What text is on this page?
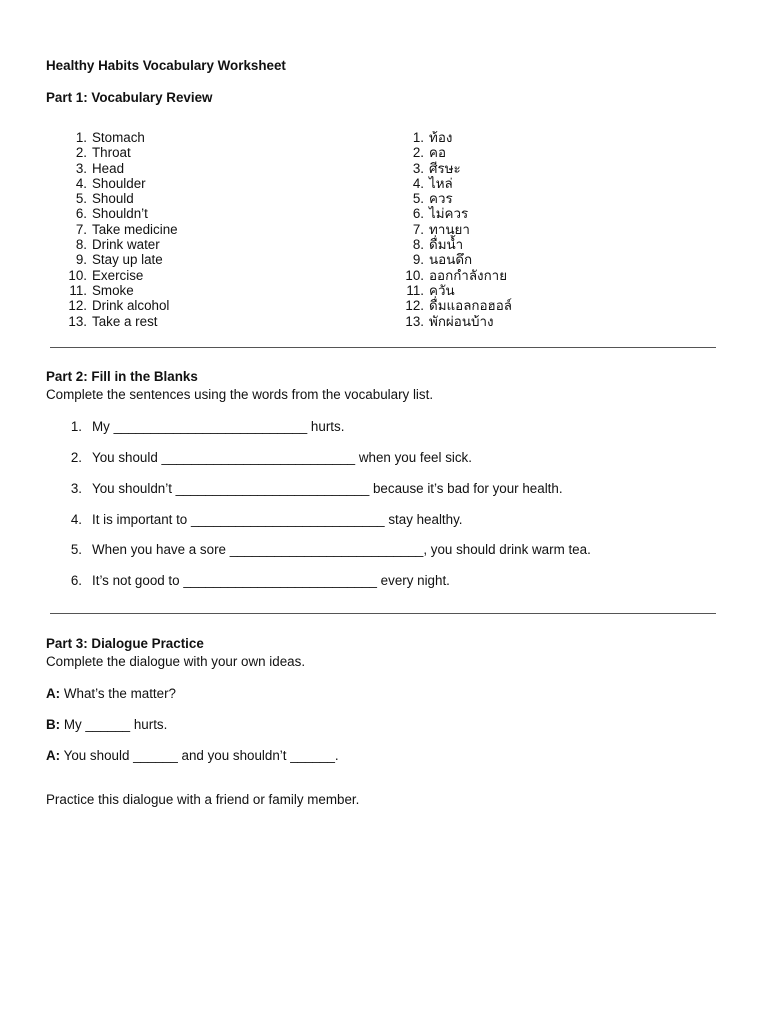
Healthy Habits Vocabulary Worksheet
Part 1: Vocabulary Review
1. Stomach
2. Throat
3. Head
4. Shoulder
5. Should
6. Shouldn’t
7. Take medicine
8. Drink water
9. Stay up late
10. Exercise
11. Smoke
12. Drink alcohol
13. Take a rest
1. ท้อง
2. คอ
3. ศีรษะ
4. ไหล่
5. ควร
6. ไม่ควร
7. ทานยา
8. ดื่มน้ำ
9. นอนดึก
10. ออกกำลังกาย
11. ควัน
12. ดื่มแอลกอฮอล์
13. พักผ่อนบ้าง
Part 2: Fill in the Blanks
Complete the sentences using the words from the vocabulary list.
1. My __________________________ hurts.
2. You should __________________________ when you feel sick.
3. You shouldn’t __________________________ because it’s bad for your health.
4. It is important to __________________________ stay healthy.
5. When you have a sore __________________________, you should drink warm tea.
6. It’s not good to __________________________ every night.
Part 3: Dialogue Practice
Complete the dialogue with your own ideas.
A: What’s the matter?
B: My ______ hurts.
A: You should ______ and you shouldn’t ______.
Practice this dialogue with a friend or family member.
